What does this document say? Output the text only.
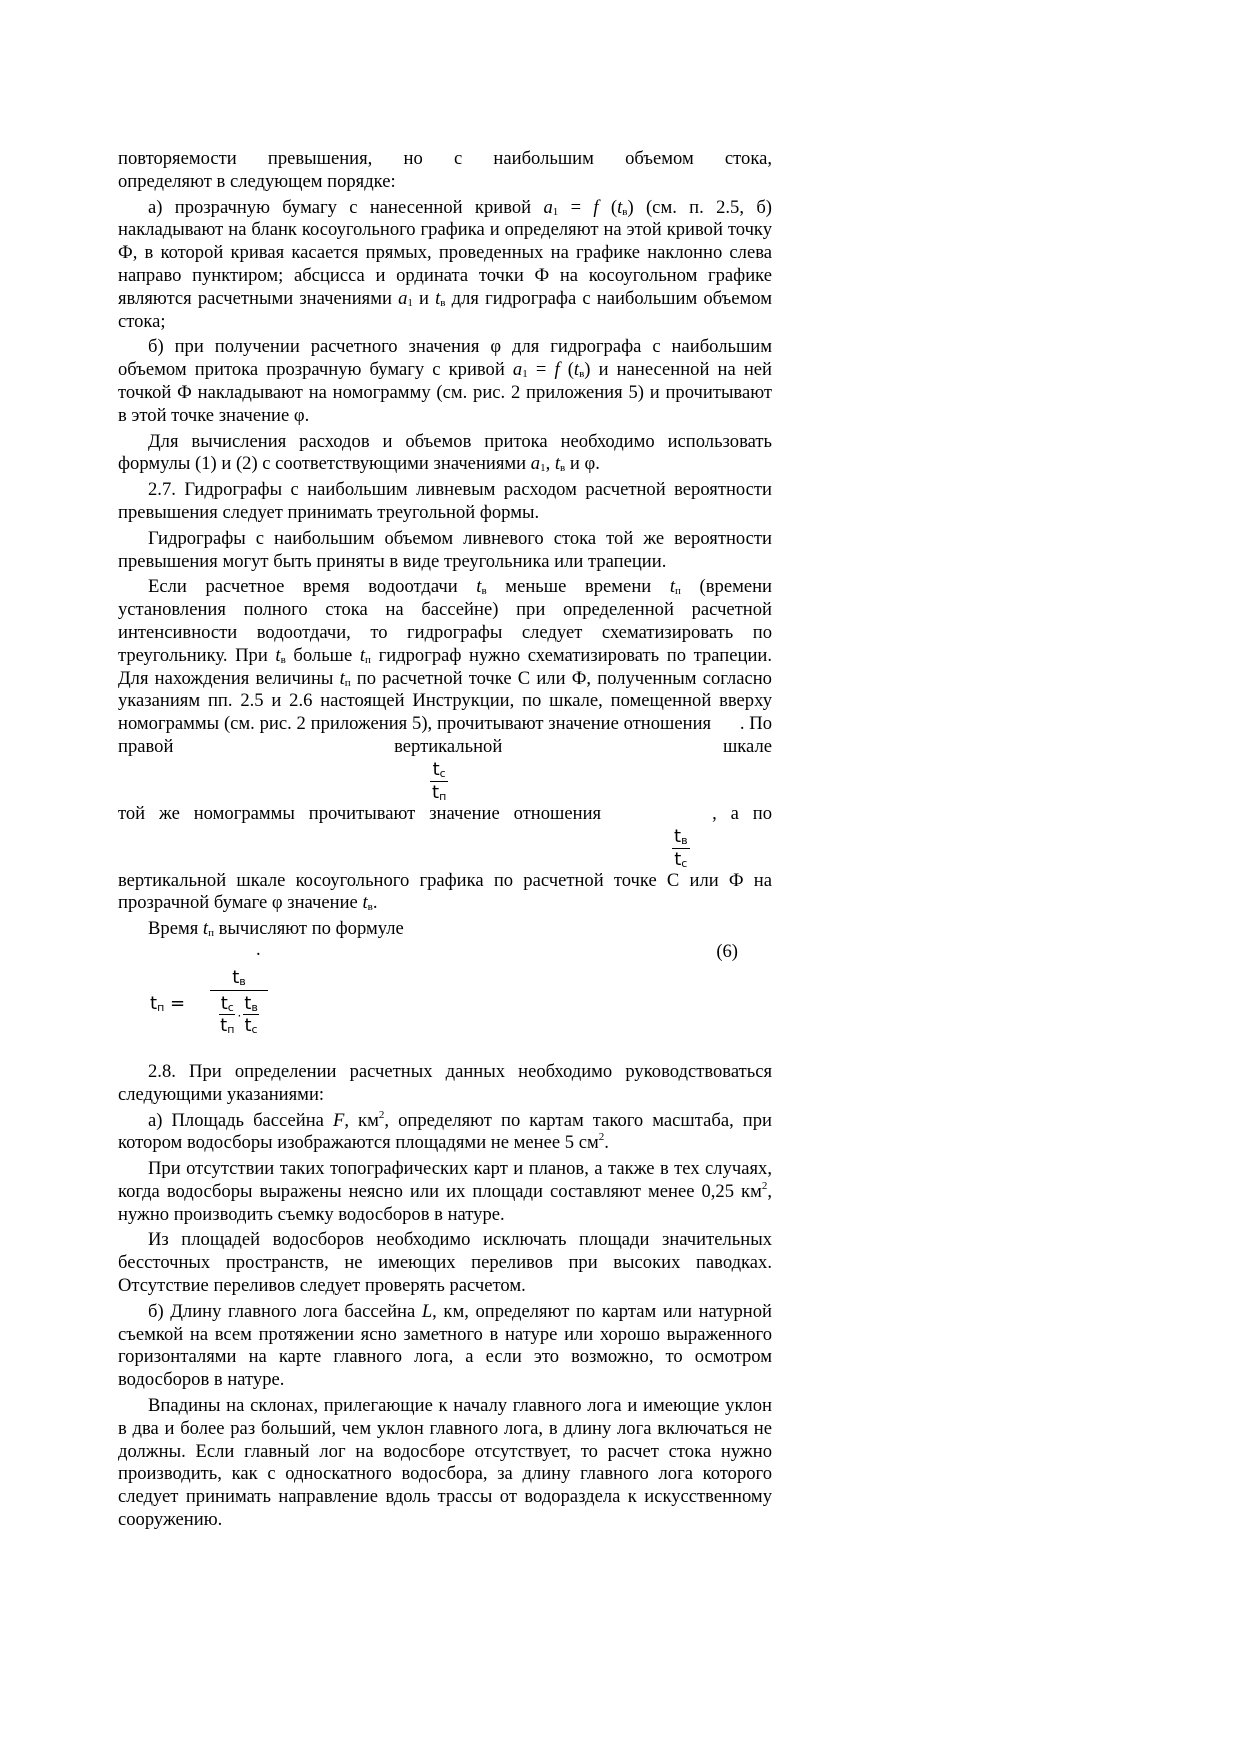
повторяемости превышения, но с наибольшим объемом стока,

определяют в следующем порядке:

а) прозрачную бумагу с нанесенной кривой $a_1 = f$ $(t_в)$ (см. п. 2.5, б) накладывают на бланк косоугольного графика и определяют на этой кривой точку Ф, в которой кривая касается прямых, проведенных на графике наклонно слева направо пунктиром; абсцисса и ордината точки Ф на косоугольном графике являются расчетными значениями $a_1$ и $t_в$ для гидрографа с наибольшим объемом стока;

б) при получении расчетного значения φ для гидрографа с наибольшим объемом притока прозрачную бумагу с кривой $a_1 = f$ $(t_в)$ и нанесенной на ней точкой Ф накладывают на номограмму (см. рис. 2 приложения 5) и прочитывают в этой точке значение φ.

Для вычисления расходов и объемов притока необходимо использовать формулы (1) и (2) с соответствующими значениями $a_1$, $t_в$ и φ.

2.7. Гидрографы с наибольшим ливневым расходом расчетной вероятности превышения следует принимать треугольной формы.

Гидрографы с наибольшим объемом ливневого стока той же вероятности превышения могут быть приняты в виде треугольника или трапеции.

Если расчетное время водоотдачи $t_в$ меньше времени $t_п$ (времени установления полного стока на бассейне) при определенной расчетной интенсивности водоотдачи, то гидрографы следует схематизировать по треугольнику. При $t_в$ больше $t_п$ гидрограф нужно схематизировать по трапеции. Для нахождения величины $t_п$ по расчетной точке С или Ф, полученным согласно указаниям пп. 2.5 и 2.6 настоящей Инструкции, по шкале, помещенной вверху номограммы (см. рис. 2 приложения 5), прочитывают значение отношения . По правой вертикальной шкале

$t_с$
$t_п$

той же номограммы прочитывают значение отношения	, а по

$t_в$
$t_с$

вертикальной шкале косоугольного графика по расчетной точке С или Ф на прозрачной бумаге φ значение $t_в$.

Время $t_п$ вычисляют по формуле

.	(6)
$t_п$ =
$t_в$
$t_с$
$t_п$
·
$t_в$
$t_с$

2.8. При определении расчетных данных необходимо руководствоваться следующими указаниями:

а) Площадь бассейна F, $км^2$, определяют по картам такого масштаба, при котором водосборы изображаются площадями не менее 5 $см^2$.

При отсутствии таких топографических карт и планов, а также в тех случаях, когда водосборы выражены неясно или их площади составляют менее 0,25 $км^2$, нужно производить съемку водосборов в натуре.

Из площадей водосборов необходимо исключать площади значительных бессточных пространств, не имеющих переливов при высоких паводках. Отсутствие переливов следует проверять расчетом.

б) Длину главного лога бассейна L, км, определяют по картам или натурной съемкой на всем протяжении ясно заметного в натуре или хорошо выраженного горизонталями на карте главного лога, а если это возможно, то осмотром водосборов в натуре.

Впадины на склонах, прилегающие к началу главного лога и имеющие уклон в два и более раз больший, чем уклон главного лога, в длину лога включаться не должны. Если главный лог на водосборе отсутствует, то расчет стока нужно производить, как с односкатного водосбора, за длину главного лога которого следует принимать направление вдоль трассы от водораздела к искусственному сооружению.
